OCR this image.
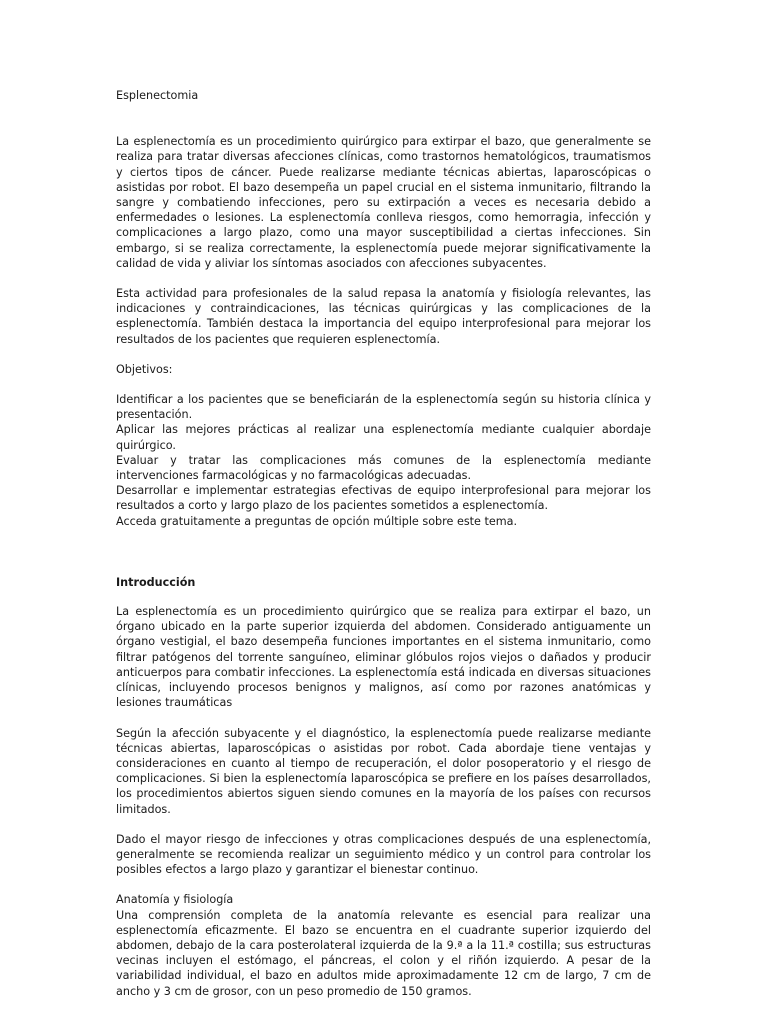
Esplenectomia

La esplenectomía es un procedimiento quirúrgico para extirpar el bazo, que generalmente se realiza para tratar diversas afecciones clínicas, como trastornos hematológicos, traumatismos y ciertos tipos de cáncer. Puede realizarse mediante técnicas abiertas, laparoscópicas o asistidas por robot. El bazo desempeña un papel crucial en el sistema inmunitario, filtrando la sangre y combatiendo infecciones, pero su extirpación a veces es necesaria debido a enfermedades o lesiones. La esplenectomía conlleva riesgos, como hemorragia, infección y complicaciones a largo plazo, como una mayor susceptibilidad a ciertas infecciones. Sin embargo, si se realiza correctamente, la esplenectomía puede mejorar significativamente la calidad de vida y aliviar los síntomas asociados con afecciones subyacentes.

Esta actividad para profesionales de la salud repasa la anatomía y fisiología relevantes, las indicaciones y contraindicaciones, las técnicas quirúrgicas y las complicaciones de la esplenectomía. También destaca la importancia del equipo interprofesional para mejorar los resultados de los pacientes que requieren esplenectomía.

Objetivos:

Identificar a los pacientes que se beneficiarán de la esplenectomía según su historia clínica y presentación.

Aplicar las mejores prácticas al realizar una esplenectomía mediante cualquier abordaje quirúrgico.

Evaluar y tratar las complicaciones más comunes de la esplenectomía mediante intervenciones farmacológicas y no farmacológicas adecuadas.

Desarrollar e implementar estrategias efectivas de equipo interprofesional para mejorar los resultados a corto y largo plazo de los pacientes sometidos a esplenectomía.

Acceda gratuitamente a preguntas de opción múltiple sobre este tema.

Introducción

La esplenectomía es un procedimiento quirúrgico que se realiza para extirpar el bazo, un órgano ubicado en la parte superior izquierda del abdomen. Considerado antiguamente un órgano vestigial, el bazo desempeña funciones importantes en el sistema inmunitario, como filtrar patógenos del torrente sanguíneo, eliminar glóbulos rojos viejos o dañados y producir anticuerpos para combatir infecciones. La esplenectomía está indicada en diversas situaciones clínicas, incluyendo procesos benignos y malignos, así como por razones anatómicas y lesiones traumáticas

Según la afección subyacente y el diagnóstico, la esplenectomía puede realizarse mediante técnicas abiertas, laparoscópicas o asistidas por robot. Cada abordaje tiene ventajas y consideraciones en cuanto al tiempo de recuperación, el dolor posoperatorio y el riesgo de complicaciones. Si bien la esplenectomía laparoscópica se prefiere en los países desarrollados, los procedimientos abiertos siguen siendo comunes en la mayoría de los países con recursos limitados.

Dado el mayor riesgo de infecciones y otras complicaciones después de una esplenectomía, generalmente se recomienda realizar un seguimiento médico y un control para controlar los posibles efectos a largo plazo y garantizar el bienestar continuo.

Anatomía y fisiología

Una comprensión completa de la anatomía relevante es esencial para realizar una esplenectomía eficazmente. El bazo se encuentra en el cuadrante superior izquierdo del abdomen, debajo de la cara posterolateral izquierda de la 9.ª a la 11.ª costilla; sus estructuras vecinas incluyen el estómago, el páncreas, el colon y el riñón izquierdo. A pesar de la variabilidad individual, el bazo en adultos mide aproximadamente 12 cm de largo, 7 cm de ancho y 3 cm de grosor, con un peso promedio de 150 gramos.
